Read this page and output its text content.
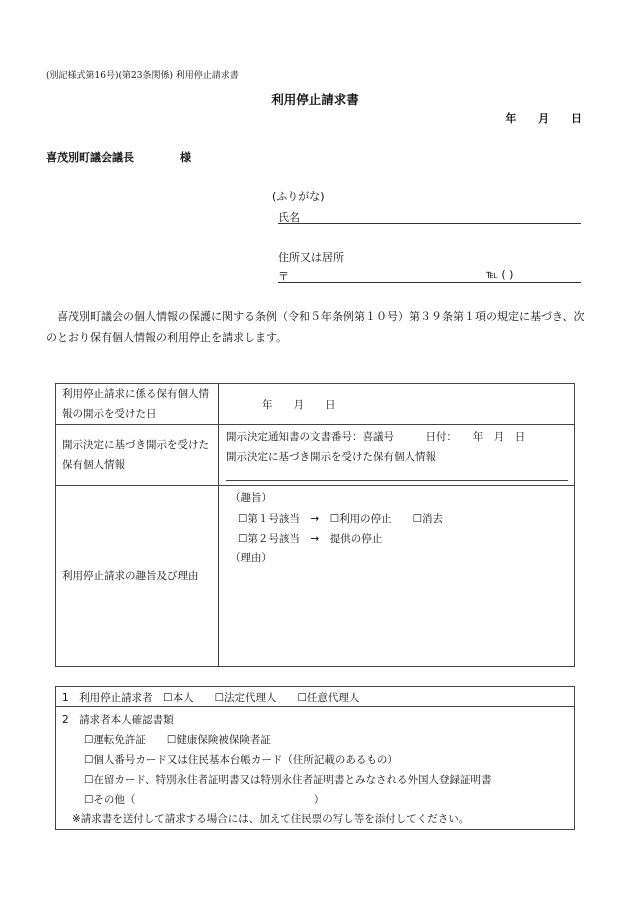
(別記様式第16号)(第23条関係) 利用停止請求書
利用停止請求書
年 月 日
喜茂別町議会議長	様
(ふりがな)
氏名
住所又は居所
〒	℡ ( )
喜茂別町議会の個人情報の保護に関する条例（令和５年条例第１０号）第３９条第１項の規定に基づき、次のとおり保有個人情報の利用停止を請求します。
利用停止請求に係る保有個人情報の開示を受けた日
年　　月　　日
開示決定に基づき開示を受けた保有個人情報
開示決定通知書の文書番号：喜議号　　　日付：　　年　月　日
開示決定に基づき開示を受けた保有個人情報
利用停止請求の趣旨及び理由
（趣旨）
☐第１号該当　→　☐利用の停止　　☐消去
☐第２号該当　→　提供の停止
（理由）
1　利用停止請求者　☐本人　　☐法定代理人　　☐任意代理人
2　請求者本人確認書類
☐運転免許証　　☐健康保険被保険者証
☐個人番号カード又は住民基本台帳カード（住所記載のあるもの）
☐在留カード、特別永住者証明書又は特別永住者証明書とみなされる外国人登録証明書
☐その他（　　　　　　　　　　　　　　　　　）
※請求書を送付して請求する場合には、加えて住民票の写し等を添付してください。
